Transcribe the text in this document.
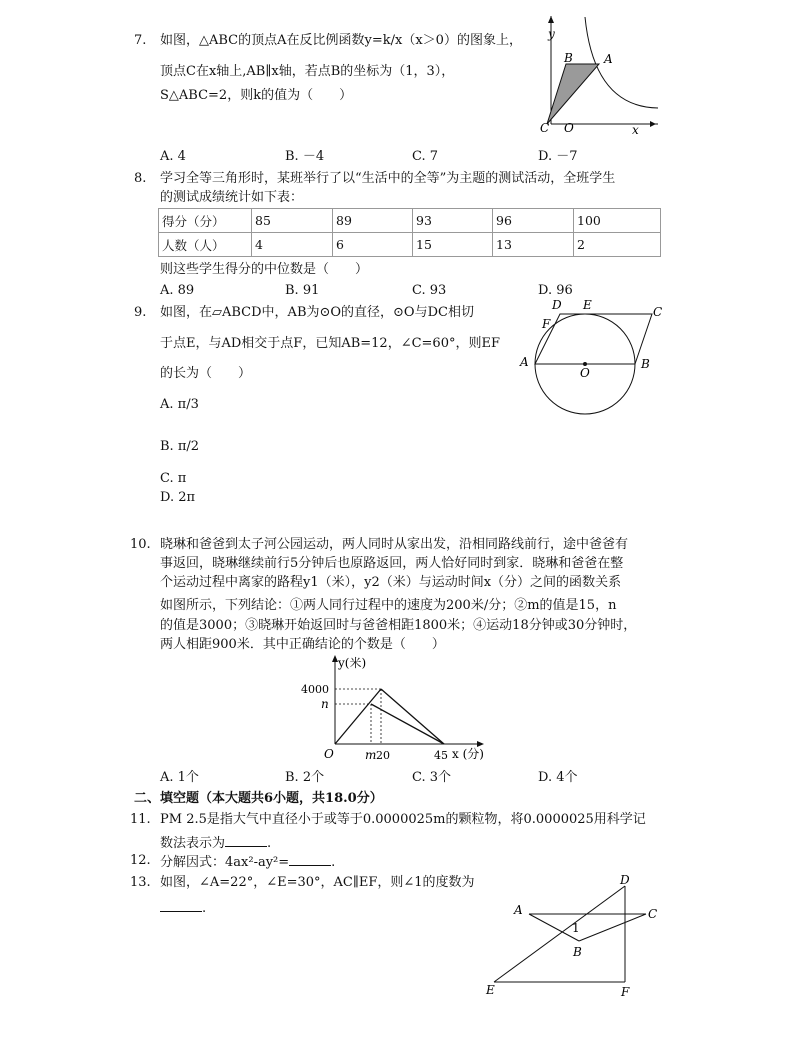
7. 如图，△ABC的顶点A在反比例函数y=k/x（x＞0）的图象上，
顶点C在x轴上,AB∥x轴，若点B的坐标为（1，3），
S△ABC=2，则k的值为（　　）
y
x
A
B
C O
A. 4	B. －4	C. 7	D. －7
8. 学习全等三角形时，某班举行了以“生活中的全等”为主题的测试活动，全班学生
的测试成绩统计如下表：
得分（分）	85	89	93	96	100
人数（人）	4	6	15	13	2
则这些学生得分的中位数是（　　）
A. 89	B. 91	C. 93	D. 96
9. 如图，在▱ABCD中，AB为⊙O的直径，⊙O与DC相切
于点E，与AD相交于点F，已知AB=12，∠C=60°，则EF
的长为（　　）
A	B
C
D E
F
O
A. π/3
B. π/2
C. π
D. 2π
10. 晓琳和爸爸到太子河公园运动，两人同时从家出发，沿相同路线前行，途中爸爸有
事返回，晓琳继续前行5分钟后也原路返回，两人恰好同时到家．晓琳和爸爸在整
个运动过程中离家的路程y1（米），y2（米）与运动时间x（分）之间的函数关系
如图所示，下列结论：①两人同行过程中的速度为200米/分；②m的值是15，n
的值是3000；③晓琳开始返回时与爸爸相距1800米；④运动18分钟或30分钟时，
两人相距900米．其中正确结论的个数是（　　）
y(米)
x (分)
4000
n
O	m 20	45
A. 1个	B. 2个	C. 3个	D. 4个
二、填空题（本大题共6小题，共18.0分）
11. PM 2.5是指大气中直径小于或等于0.0000025m的颗粒物，将0.0000025用科学记
数法表示为	.
12. 分解因式：4ax²-ay²=	.
13. 如图，∠A=22°，∠E=30°，AC∥EF，则∠1的度数为
.
D
A	C
1
B
E	F
